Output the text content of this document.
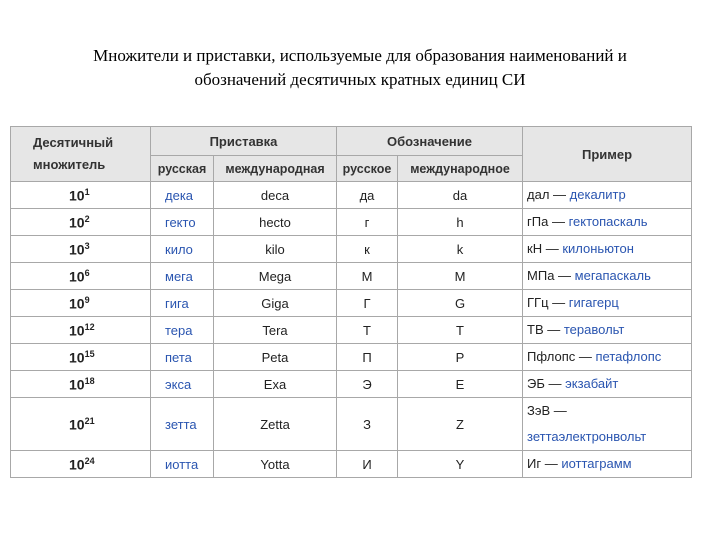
Множители и приставки, используемые для образования наименований и
обозначений десятичных кратных единиц СИ
Десятичный
множитель	Приставка		Обозначение		Пример
	русская	международная	русское	международное	
$10^1$	дека	deca	да	da	дал — декалитр
$10^2$	гекто	hecto	г	h	гПа — гектопаскаль
$10^3$	кило	kilo	к	k	кН — килоньютон
$10^6$	мега	Mega	М	M	МПа — мегапаскаль
$10^9$	гига	Giga	Г	G	ГГц — гигагерц
$10^{12}$	тера	Tera	Т	T	ТВ — теравольт
$10^{15}$	пета	Peta	П	P	Пфлопс — петафлопс
$10^{18}$	экса	Exa	Э	E	ЭБ — экзабайт
$10^{21}$	зетта	Zetta	З	Z	ЗэВ —
зеттаэлектронвольт
$10^{24}$	иотта	Yotta	И	Y	Иг — иоттаграмм
